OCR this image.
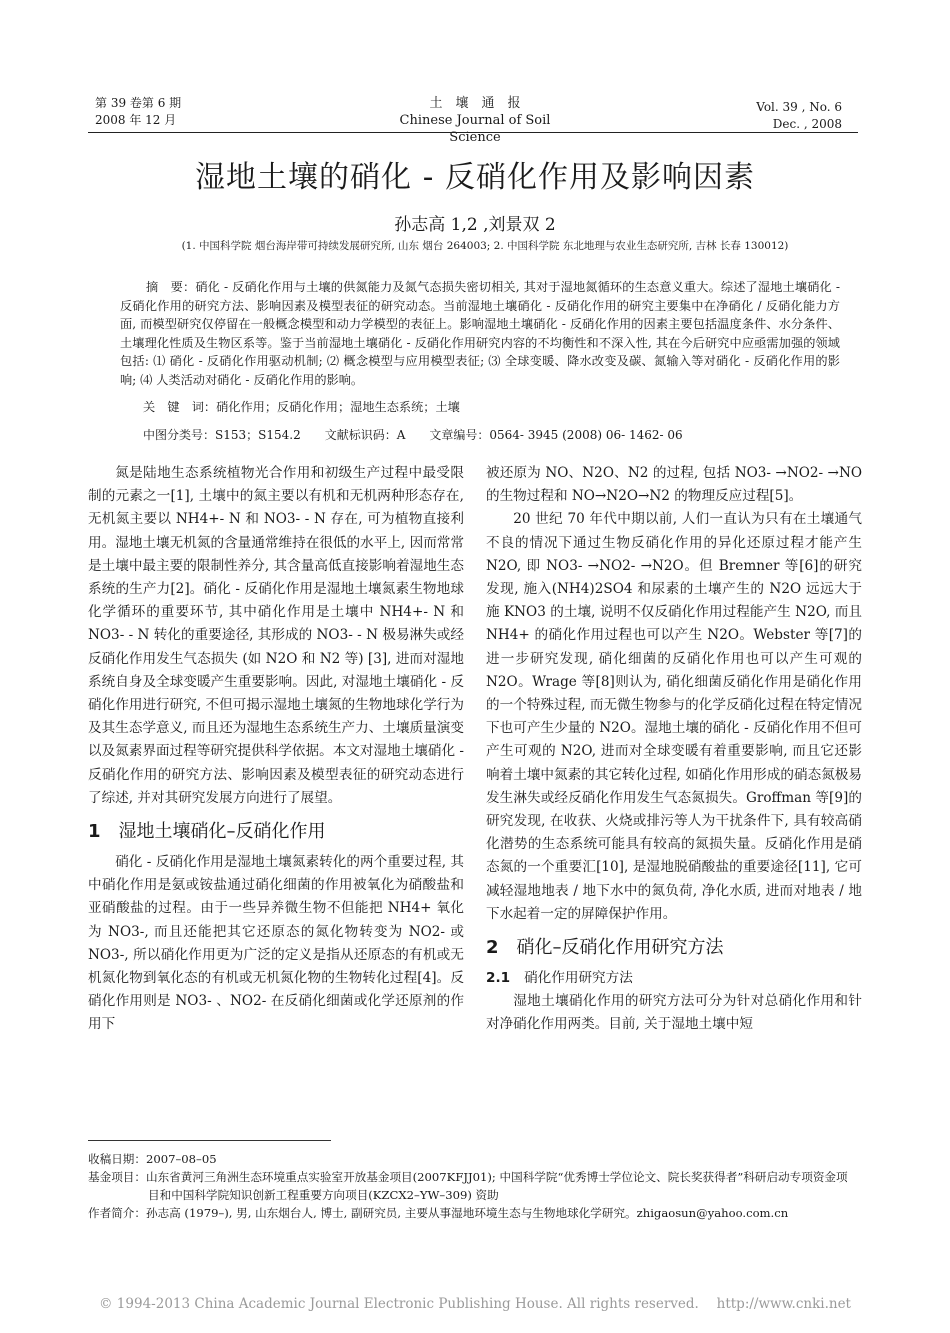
第 39 卷第 6 期
2008 年 12 月
土　壤　通　报
Chinese Journal of Soil Science
Vol. 39 , No. 6
Dec. , 2008
湿地土壤的硝化 - 反硝化作用及影响因素
孙志高 1,2 ,刘景双 2
(1. 中国科学院 烟台海岸带可持续发展研究所, 山东 烟台 264003; 2. 中国科学院 东北地理与农业生态研究所, 吉林 长春 130012)
摘　要：硝化 - 反硝化作用与土壤的供氮能力及氮气态损失密切相关, 其对于湿地氮循环的生态意义重大。综述了湿地土壤硝化 - 反硝化作用的研究方法、影响因素及模型表征的研究动态。当前湿地土壤硝化 - 反硝化作用的研究主要集中在净硝化 / 反硝化能力方面, 而模型研究仅停留在一般概念模型和动力学模型的表征上。影响湿地土壤硝化 - 反硝化作用的因素主要包括温度条件、水分条件、土壤理化性质及生物区系等。鉴于当前湿地土壤硝化 - 反硝化作用研究内容的不均衡性和不深入性, 其在今后研究中应亟需加强的领域包括: ⑴ 硝化 - 反硝化作用驱动机制; ⑵ 概念模型与应用模型表征; ⑶ 全球变暖、降水改变及碳、氮输入等对硝化 - 反硝化作用的影响; ⑷ 人类活动对硝化 - 反硝化作用的影响。
关　键　词：硝化作用；反硝化作用；湿地生态系统；土壤
中图分类号：S153；S154.2　　文献标识码：A　　文章编号：0564- 3945 (2008) 06- 1462- 06

氮是陆地生态系统植物光合作用和初级生产过程中最受限制的元素之一[1], 土壤中的氮主要以有机和无机两种形态存在, 无机氮主要以 NH4+- N 和 NO3- - N 存在, 可为植物直接利用。湿地土壤无机氮的含量通常维持在很低的水平上, 因而常常是土壤中最主要的限制性养分, 其含量高低直接影响着湿地生态系统的生产力[2]。硝化 - 反硝化作用是湿地土壤氮素生物地球化学循环的重要环节, 其中硝化作用是土壤中 NH4+- N 和 NO3- - N 转化的重要途径, 其形成的 NO3- - N 极易淋失或经反硝化作用发生气态损失 (如 N2O 和 N2 等) [3], 进而对湿地系统自身及全球变暖产生重要影响。因此, 对湿地土壤硝化 - 反硝化作用进行研究, 不但可揭示湿地土壤氮的生物地球化学行为及其生态学意义, 而且还为湿地生态系统生产力、土壤质量演变以及氮素界面过程等研究提供科学依据。本文对湿地土壤硝化 - 反硝化作用的研究方法、影响因素及模型表征的研究动态进行了综述, 并对其研究发展方向进行了展望。

1 湿地土壤硝化–反硝化作用

硝化 - 反硝化作用是湿地土壤氮素转化的两个重要过程, 其中硝化作用是氨或铵盐通过硝化细菌的作用被氧化为硝酸盐和亚硝酸盐的过程。由于一些异养微生物不但能把 NH4+ 氧化为 NO3-, 而且还能把其它还原态的氮化物转变为 NO2- 或 NO3-, 所以硝化作用更为广泛的定义是指从还原态的有机或无机氮化物到氧化态的有机或无机氮化物的生物转化过程[4]。反硝化作用则是 NO3- 、NO2- 在反硝化细菌或化学还原剂的作用下

被还原为 NO、N2O、N2 的过程, 包括 NO3- →NO2- →NO 的生物过程和 NO→N2O→N2 的物理反应过程[5]。

20 世纪 70 年代中期以前, 人们一直认为只有在土壤通气不良的情况下通过生物反硝化作用的异化还原过程才能产生 N2O, 即 NO3- →NO2- →N2O。但 Bremner 等[6]的研究发现, 施入(NH4)2SO4 和尿素的土壤产生的 N2O 远远大于施 KNO3 的土壤, 说明不仅反硝化作用过程能产生 N2O, 而且 NH4+ 的硝化作用过程也可以产生 N2O。Webster 等[7]的进一步研究发现, 硝化细菌的反硝化作用也可以产生可观的 N2O。Wrage 等[8]则认为, 硝化细菌反硝化作用是硝化作用的一个特殊过程, 而无微生物参与的化学反硝化过程在特定情况下也可产生少量的 N2O。湿地土壤的硝化 - 反硝化作用不但可产生可观的 N2O, 进而对全球变暖有着重要影响, 而且它还影响着土壤中氮素的其它转化过程, 如硝化作用形成的硝态氮极易发生淋失或经反硝化作用发生气态氮损失。Groffman 等[9]的研究发现, 在收获、火烧或排污等人为干扰条件下, 具有较高硝化潜势的生态系统可能具有较高的氮损失量。反硝化作用是硝态氮的一个重要汇[10], 是湿地脱硝酸盐的重要途径[11], 它可减轻湿地地表 / 地下水中的氮负荷, 净化水质, 进而对地表 / 地下水起着一定的屏障保护作用。

2 硝化–反硝化作用研究方法
2.1 硝化作用研究方法

湿地土壤硝化作用的研究方法可分为针对总硝化作用和针对净硝化作用两类。目前, 关于湿地土壤中短

收稿日期：2007–08–05
基金项目：山东省黄河三角洲生态环境重点实验室开放基金项目(2007KFJJ01); 中国科学院“优秀博士学位论文、院长奖获得者”科研启动专项资金项目和中国科学院知识创新工程重要方向项目(KZCX2–YW–309) 资助
作者简介：孙志高 (1979–), 男, 山东烟台人, 博士, 副研究员, 主要从事湿地环境生态与生物地球化学研究。zhigaosun@yahoo.com.cn
© 1994-2013 China Academic Journal Electronic Publishing House. All rights reserved.　 http://www.cnki.net
